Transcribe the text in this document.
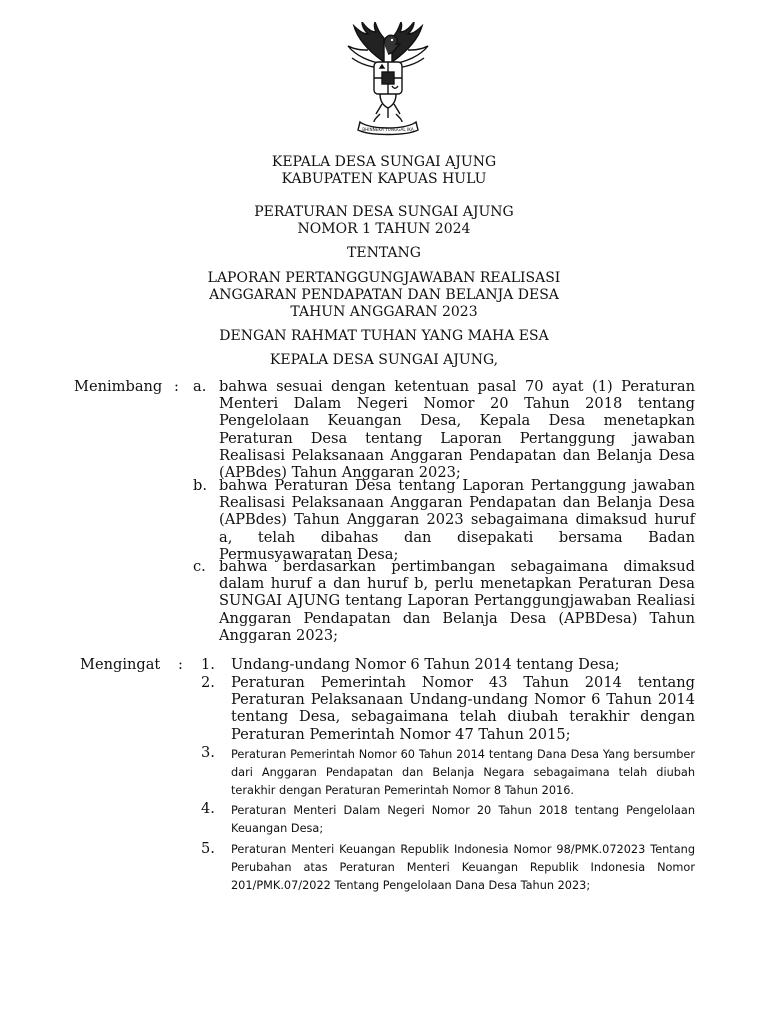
BHINNEKA TUNGGAL IKA
KEPALA DESA SUNGAI AJUNG
KABUPATEN KAPUAS HULU
PERATURAN DESA SUNGAI AJUNG
NOMOR 1 TAHUN 2024
TENTANG
LAPORAN PERTANGGUNGJAWABAN REALISASI
ANGGARAN PENDAPATAN DAN BELANJA DESA
TAHUN ANGGARAN 2023
DENGAN RAHMAT TUHAN YANG MAHA ESA
KEPALA DESA SUNGAI AJUNG,
Menimbang : a. bahwa sesuai dengan ketentuan pasal 70 ayat (1) Peraturan Menteri Dalam Negeri Nomor 20 Tahun 2018 tentang Pengelolaan Keuangan Desa, Kepala Desa menetapkan Peraturan Desa tentang Laporan Pertanggung jawaban Realisasi Pelaksanaan Anggaran Pendapatan dan Belanja Desa (APBdes) Tahun Anggaran 2023;
b. bahwa Peraturan Desa tentang Laporan Pertanggung jawaban Realisasi Pelaksanaan Anggaran Pendapatan dan Belanja Desa (APBdes) Tahun Anggaran 2023 sebagaimana dimaksud huruf a, telah dibahas dan disepakati bersama Badan Permusyawaratan Desa;
c. bahwa berdasarkan pertimbangan sebagaimana dimaksud dalam huruf a dan huruf b, perlu menetapkan Peraturan Desa SUNGAI AJUNG tentang Laporan Pertanggungjawaban Realiasi Anggaran Pendapatan dan Belanja Desa (APBDesa) Tahun Anggaran 2023;
Mengingat : 1. Undang-undang Nomor 6 Tahun 2014 tentang Desa;
2. Peraturan Pemerintah Nomor 43 Tahun 2014 tentang Peraturan Pelaksanaan Undang-undang Nomor 6 Tahun 2014 tentang Desa, sebagaimana telah diubah terakhir dengan Peraturan Pemerintah Nomor 47 Tahun 2015;
3. Peraturan Pemerintah Nomor 60 Tahun 2014 tentang Dana Desa Yang bersumber dari Anggaran Pendapatan dan Belanja Negara sebagaimana telah diubah terakhir dengan Peraturan Pemerintah Nomor 8 Tahun 2016.
4. Peraturan Menteri Dalam Negeri Nomor 20 Tahun 2018 tentang Pengelolaan Keuangan Desa;
5. Peraturan Menteri Keuangan Republik Indonesia Nomor 98/PMK.072023 Tentang Perubahan atas Peraturan Menteri Keuangan Republik Indonesia Nomor 201/PMK.07/2022 Tentang Pengelolaan Dana Desa Tahun 2023;
